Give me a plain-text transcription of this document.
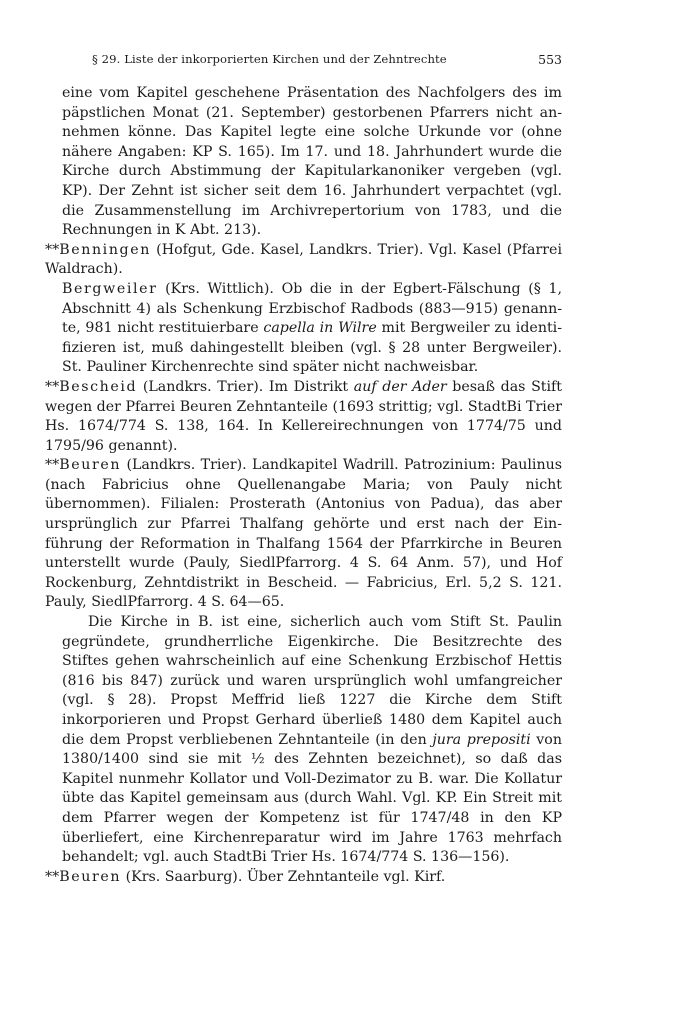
§ 29. Liste der inkorporierten Kirchen und der Zehntrechte	553

eine vom Kapitel geschehene Präsentation des Nachfolgers des im päpstlichen Monat (21. September) gestorbenen Pfarrers nicht annehmen könne. Das Kapitel legte eine solche Urkunde vor (ohne nähere Angaben: KP S. 165). Im 17. und 18. Jahrhundert wurde die Kirche durch Abstimmung der Kapitularkanoniker vergeben (vgl. KP). Der Zehnt ist sicher seit dem 16. Jahrhundert verpachtet (vgl. die Zusammenstellung im Archivrepertorium von 1783, und die Rechnungen in K Abt. 213).

**Benningen (Hofgut, Gde. Kasel, Landkrs. Trier). Vgl. Kasel (Pfarrei Waldrach).

Bergweiler (Krs. Wittlich). Ob die in der Egbert-Fälschung (§ 1, Abschnitt 4) als Schenkung Erzbischof Radbods (883—915) genannte, 981 nicht restituierbare capella in Wilre mit Bergweiler zu identifizieren ist, muß dahingestellt bleiben (vgl. § 28 unter Bergweiler). St. Pauliner Kirchenrechte sind später nicht nachweisbar.

**Bescheid (Landkrs. Trier). Im Distrikt auf der Ader besaß das Stift wegen der Pfarrei Beuren Zehntanteile (1693 strittig; vgl. StadtBi Trier Hs. 1674/774 S. 138, 164. In Kellereirechnungen von 1774/75 und 1795/96 genannt).

**Beuren (Landkrs. Trier). Landkapitel Wadrill. Patrozinium: Paulinus (nach Fabricius ohne Quellenangabe Maria; von Pauly nicht übernommen). Filialen: Prosterath (Antonius von Padua), das aber ursprünglich zur Pfarrei Thalfang gehörte und erst nach der Einführung der Reformation in Thalfang 1564 der Pfarrkirche in Beuren unterstellt wurde (Pauly, SiedlPfarrorg. 4 S. 64 Anm. 57), und Hof Rockenburg, Zehntdistrikt in Bescheid. — Fabricius, Erl. 5,2 S. 121. Pauly, SiedlPfarrorg. 4 S. 64—65.

Die Kirche in B. ist eine, sicherlich auch vom Stift St. Paulin gegründete, grundherrliche Eigenkirche. Die Besitzrechte des Stiftes gehen wahrscheinlich auf eine Schenkung Erzbischof Hettis (816 bis 847) zurück und waren ursprünglich wohl umfangreicher (vgl. § 28). Propst Meffrid ließ 1227 die Kirche dem Stift inkorporieren und Propst Gerhard überließ 1480 dem Kapitel auch die dem Propst verbliebenen Zehntanteile (in den jura prepositi von 1380/1400 sind sie mit ½ des Zehnten bezeichnet), so daß das Kapitel nunmehr Kollator und Voll-Dezimator zu B. war. Die Kollatur übte das Kapitel gemeinsam aus (durch Wahl. Vgl. KP. Ein Streit mit dem Pfarrer wegen der Kompetenz ist für 1747/48 in den KP überliefert, eine Kirchenreparatur wird im Jahre 1763 mehrfach behandelt; vgl. auch StadtBi Trier Hs. 1674/774 S. 136—156).

**Beuren (Krs. Saarburg). Über Zehntanteile vgl. Kirf.
